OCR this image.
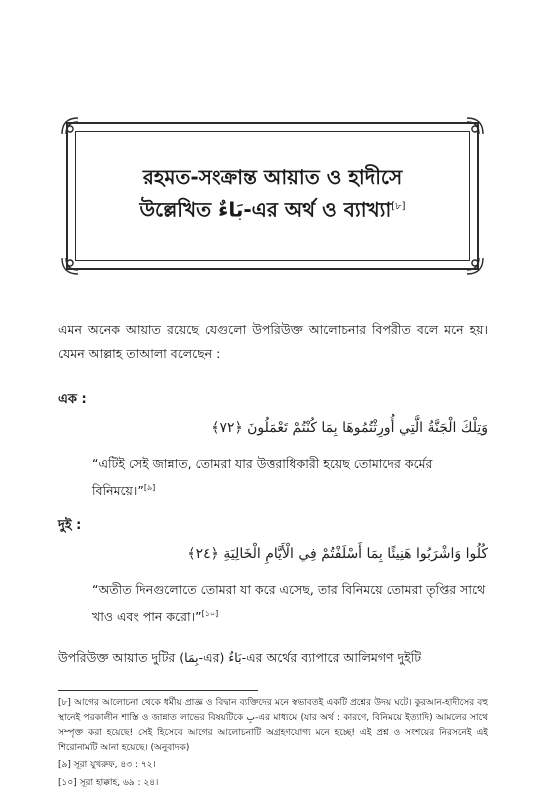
রহমত-সংক্রান্ত আয়াত ও হাদীসে
উল্লেখিত بَاءٌ-এর অর্থ ও ব্যাখ্যা[৮]
এমন অনেক আয়াত রয়েছে যেগুলো উপরিউক্ত আলোচনার বিপরীত বলে মনে হয়। যেমন আল্লাহ তাআলা বলেছেন :
এক :
وَتِلْكَ الْجَنَّةُ الَّتِي أُورِثْتُمُوهَا بِمَا كُنْتُمْ تَعْمَلُونَ ﴿٧٢﴾
“এটিই সেই জান্নাত, তোমরা যার উত্তরাধিকারী হয়েছ তোমাদের কর্মের বিনিময়ে।”[৯]
দুই :
كُلُوا وَاشْرَبُوا هَنِيئًا بِمَا أَسْلَفْتُمْ فِي الْأَيَّامِ الْخَالِيَةِ ﴿٢٤﴾
“অতীত দিনগুলোতে তোমরা যা করে এসেছ, তার বিনিময়ে তোমরা তৃপ্তির সাথে খাও এবং পান করো।”[১০]
উপরিউক্ত আয়াত দুটির (بِمَا-এর) بَاءٌ-এর অর্থের ব্যাপারে আলিমগণ দুইটি
[৮] আগের আলোচনা থেকে ধর্মীয় প্রাজ্ঞ ও বিদ্বান ব্যক্তিদের মনে স্বভাবতই একটি প্রশ্নের উদয় ঘটে। কুরআন-হাদীসের বহু স্থানেই পরকালীন শাস্তি ও জান্নাত লাভের বিষয়টিকে بِ-এর মাধ্যমে (যার অর্থ : কারণে, বিনিময়ে ইত্যাদি) আমলের সাথে সম্পৃক্ত করা হয়েছে! সেই হিসেবে আগের আলোচনাটি অগ্রহণযোগ্য মনে হচ্ছে! এই প্রশ্ন ও সংশয়ের নিরসনেই এই শিরোনামটি আনা হয়েছে। (অনুবাদক)
[৯] সূরা যুখরুফ, ৪৩ : ৭২।
[১০] সূরা হাক্কাহ, ৬৯ : ২৪।
